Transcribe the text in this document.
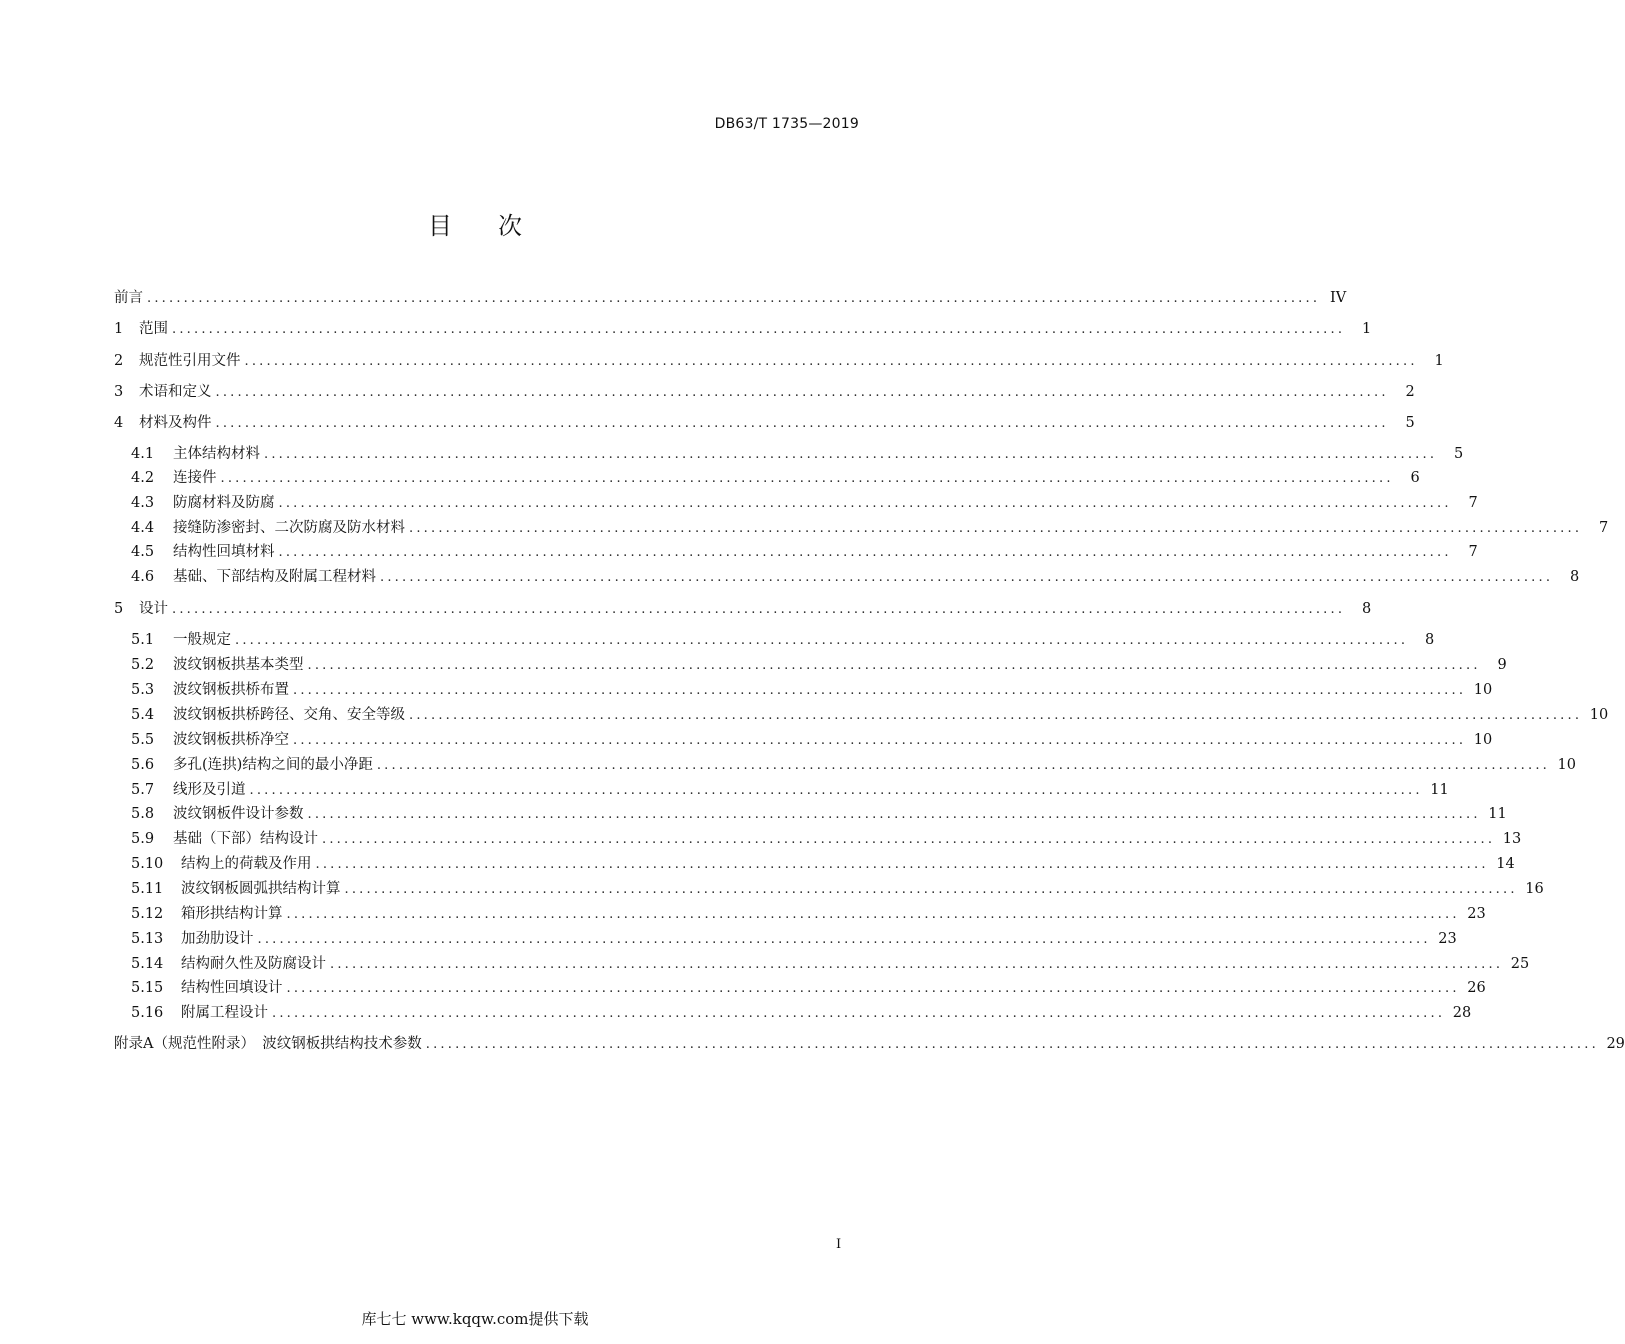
DB63/T 1735—2019
目次
前言 ................................................................................................................................................................ IV
1	范围 ................................................................................................................................................................	1
2	规范性引用文件 ................................................................................................................................................................	1
3	术语和定义 ................................................................................................................................................................	2
4	材料及构件 ................................................................................................................................................................	5
4.1	主体结构材料 ................................................................................................................................................................	5
4.2	连接件 ................................................................................................................................................................	6
4.3	防腐材料及防腐 ................................................................................................................................................................	7
4.4	接缝防渗密封、二次防腐及防水材料 ................................................................................................................................................................	7
4.5	结构性回填材料 ................................................................................................................................................................	7
4.6	基础、下部结构及附属工程材料 ................................................................................................................................................................	8
5	设计 ................................................................................................................................................................	8
5.1	一般规定 ................................................................................................................................................................	8
5.2	波纹钢板拱基本类型 ................................................................................................................................................................	9
5.3	波纹钢板拱桥布置 ................................................................................................................................................................ 10
5.4	波纹钢板拱桥跨径、交角、安全等级 ................................................................................................................................................................ 10
5.5	波纹钢板拱桥净空 ................................................................................................................................................................ 10
5.6	多孔(连拱)结构之间的最小净距 ................................................................................................................................................................ 10
5.7	线形及引道 ................................................................................................................................................................ 11
5.8	波纹钢板件设计参数 ................................................................................................................................................................ 11
5.9	基础（下部）结构设计 ................................................................................................................................................................ 13
5.10	结构上的荷载及作用 ................................................................................................................................................................ 14
5.11	波纹钢板圆弧拱结构计算 ................................................................................................................................................................ 16
5.12	箱形拱结构计算 ................................................................................................................................................................ 23
5.13	加劲肋设计 ................................................................................................................................................................ 23
5.14	结构耐久性及防腐设计 ................................................................................................................................................................ 25
5.15	结构性回填设计 ................................................................................................................................................................ 26
5.16	附属工程设计 ................................................................................................................................................................ 28
附录A（规范性附录）　波纹钢板拱结构技术参数 ................................................................................................................................................................ 29
I
库七七 www.kqqw.com提供下载
